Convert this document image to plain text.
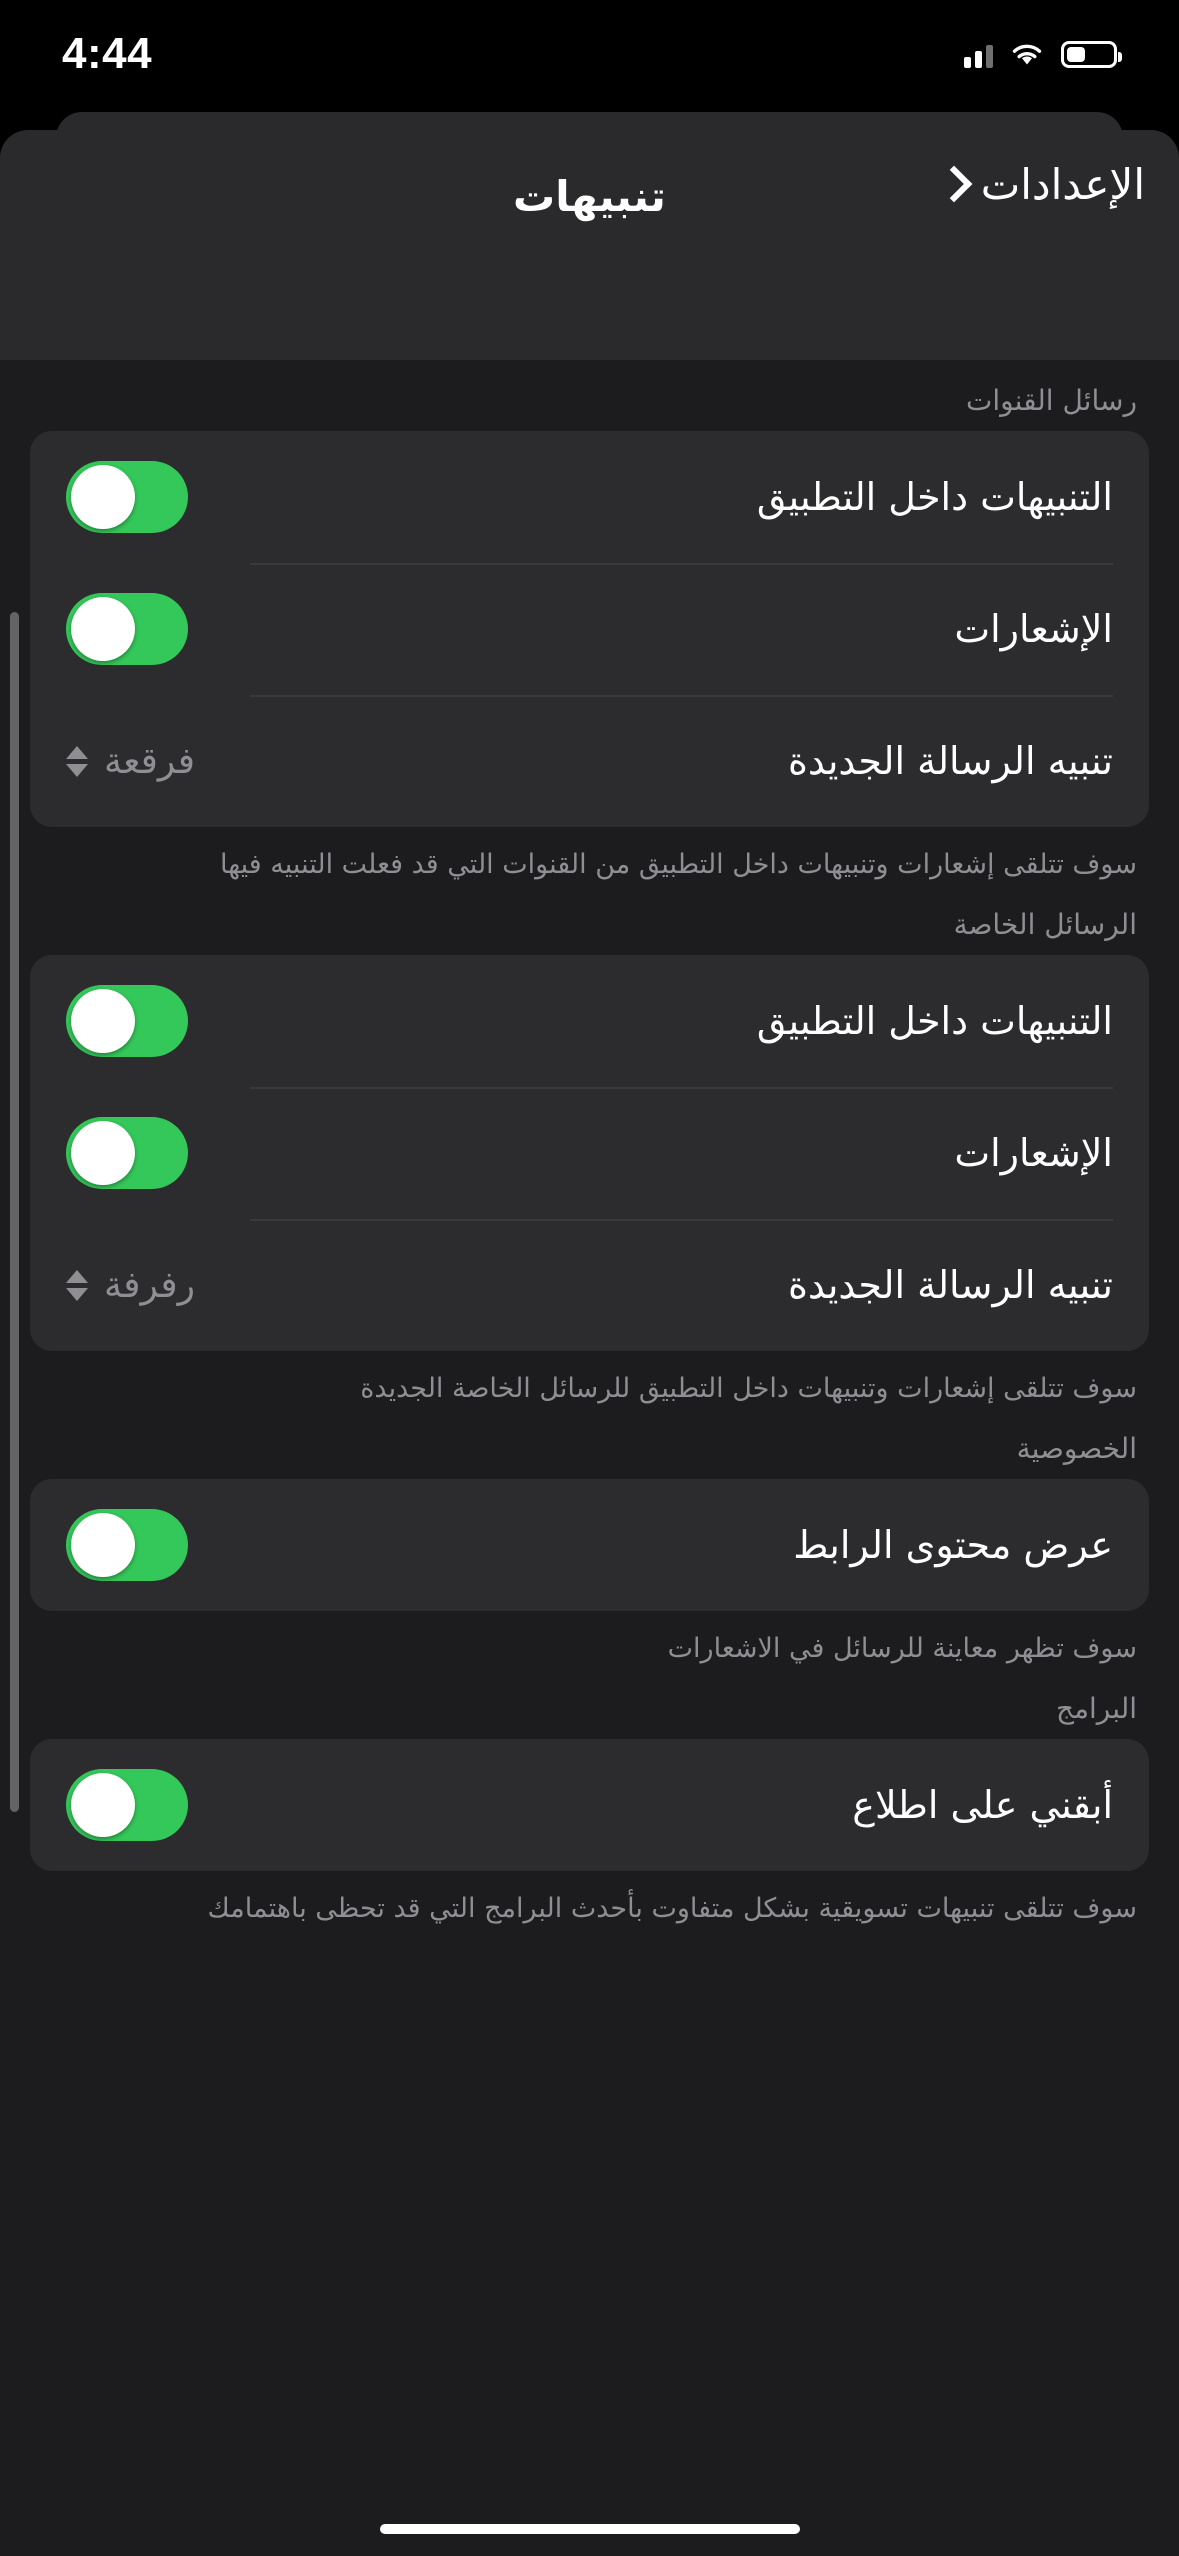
4:44
تنبيهات	الإعدادات
رسائل القنوات
التنبيهات داخل التطبيق
الإشعارات
تنبيه الرسالة الجديدة
فرقعة
سوف تتلقى إشعارات وتنبيهات داخل التطبيق من القنوات التي قد فعلت التنبيه فيها
الرسائل الخاصة
التنبيهات داخل التطبيق
الإشعارات
تنبيه الرسالة الجديدة
رفرفة
سوف تتلقى إشعارات وتنبيهات داخل التطبيق للرسائل الخاصة الجديدة
الخصوصية
عرض محتوى الرابط
سوف تظهر معاينة للرسائل في الاشعارات
البرامج
أبقني على اطلاع
سوف تتلقى تنبيهات تسويقية بشكل متفاوت بأحدث البرامج التي قد تحظى باهتمامك
